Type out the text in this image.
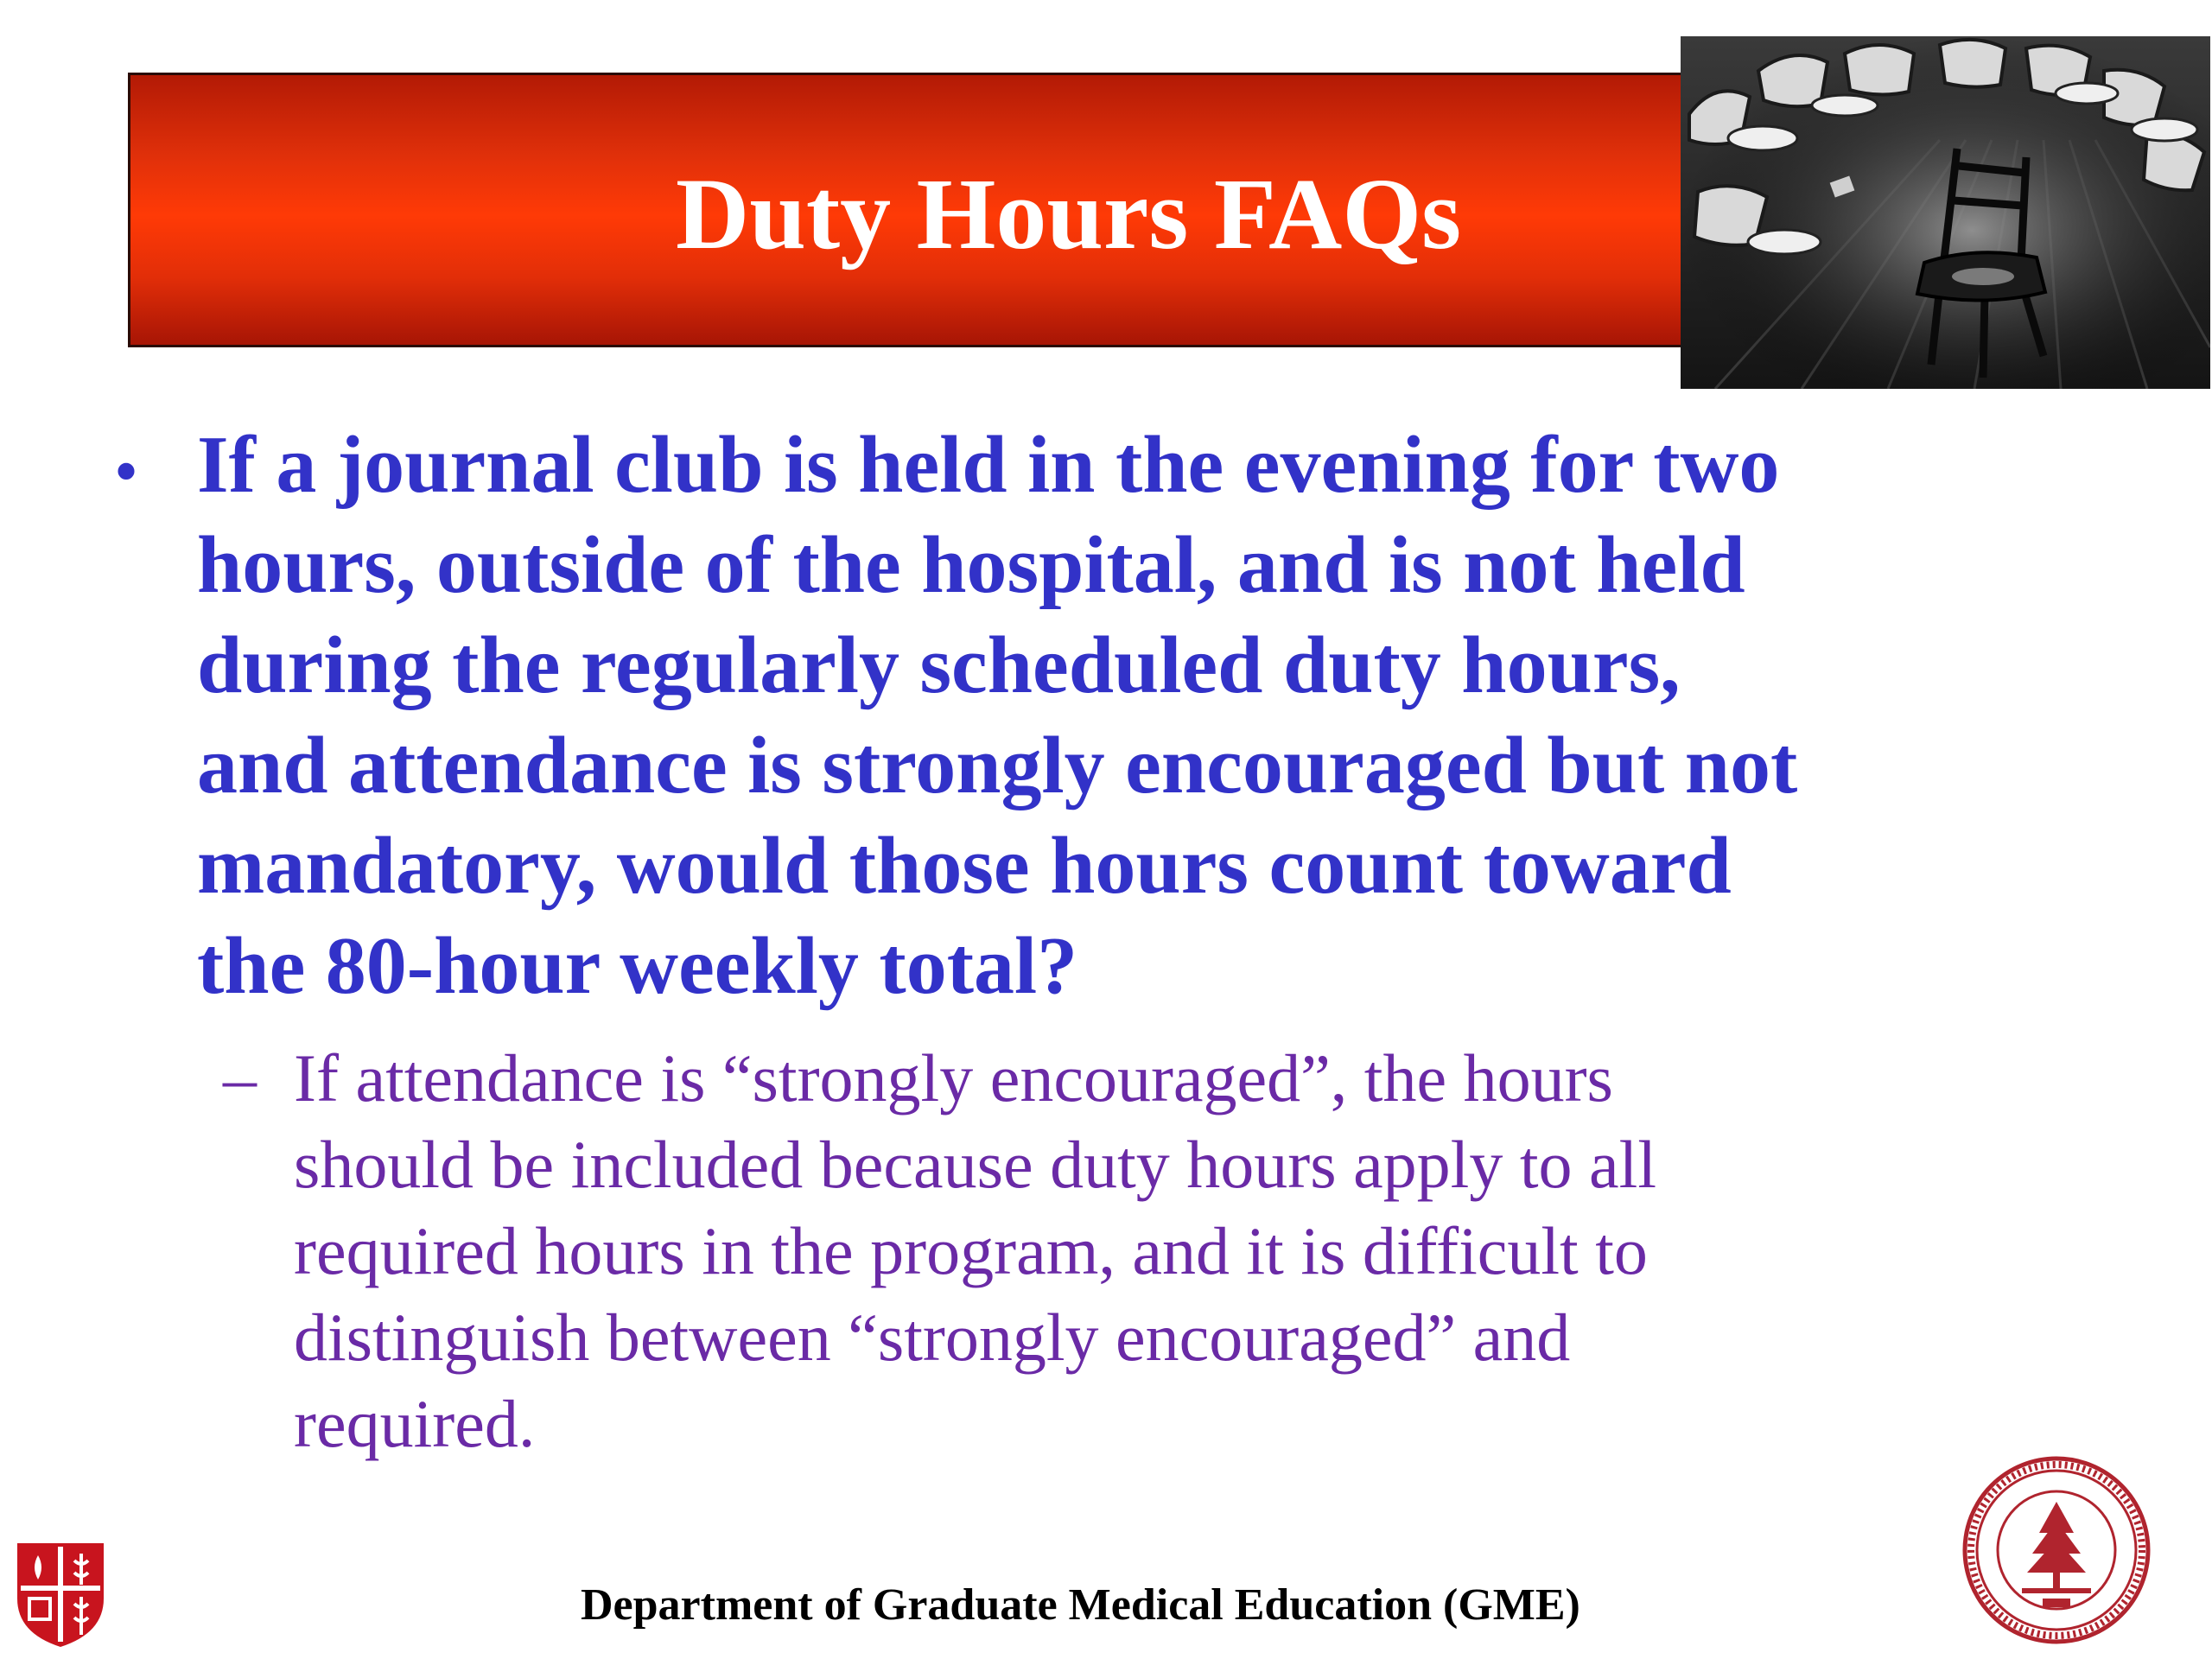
Duty Hours FAQs
• If a journal club is held in the evening for two
hours, outside of the hospital, and is not held
during the regularly scheduled duty hours,
and attendance is strongly encouraged but not
mandatory, would those hours count toward
the 80-hour weekly total?
– If attendance is “strongly encouraged”, the hours
should be included because duty hours apply to all
required hours in the program, and it is difficult to
distinguish between “strongly encouraged” and
required.
Department of Graduate Medical Education (GME)
